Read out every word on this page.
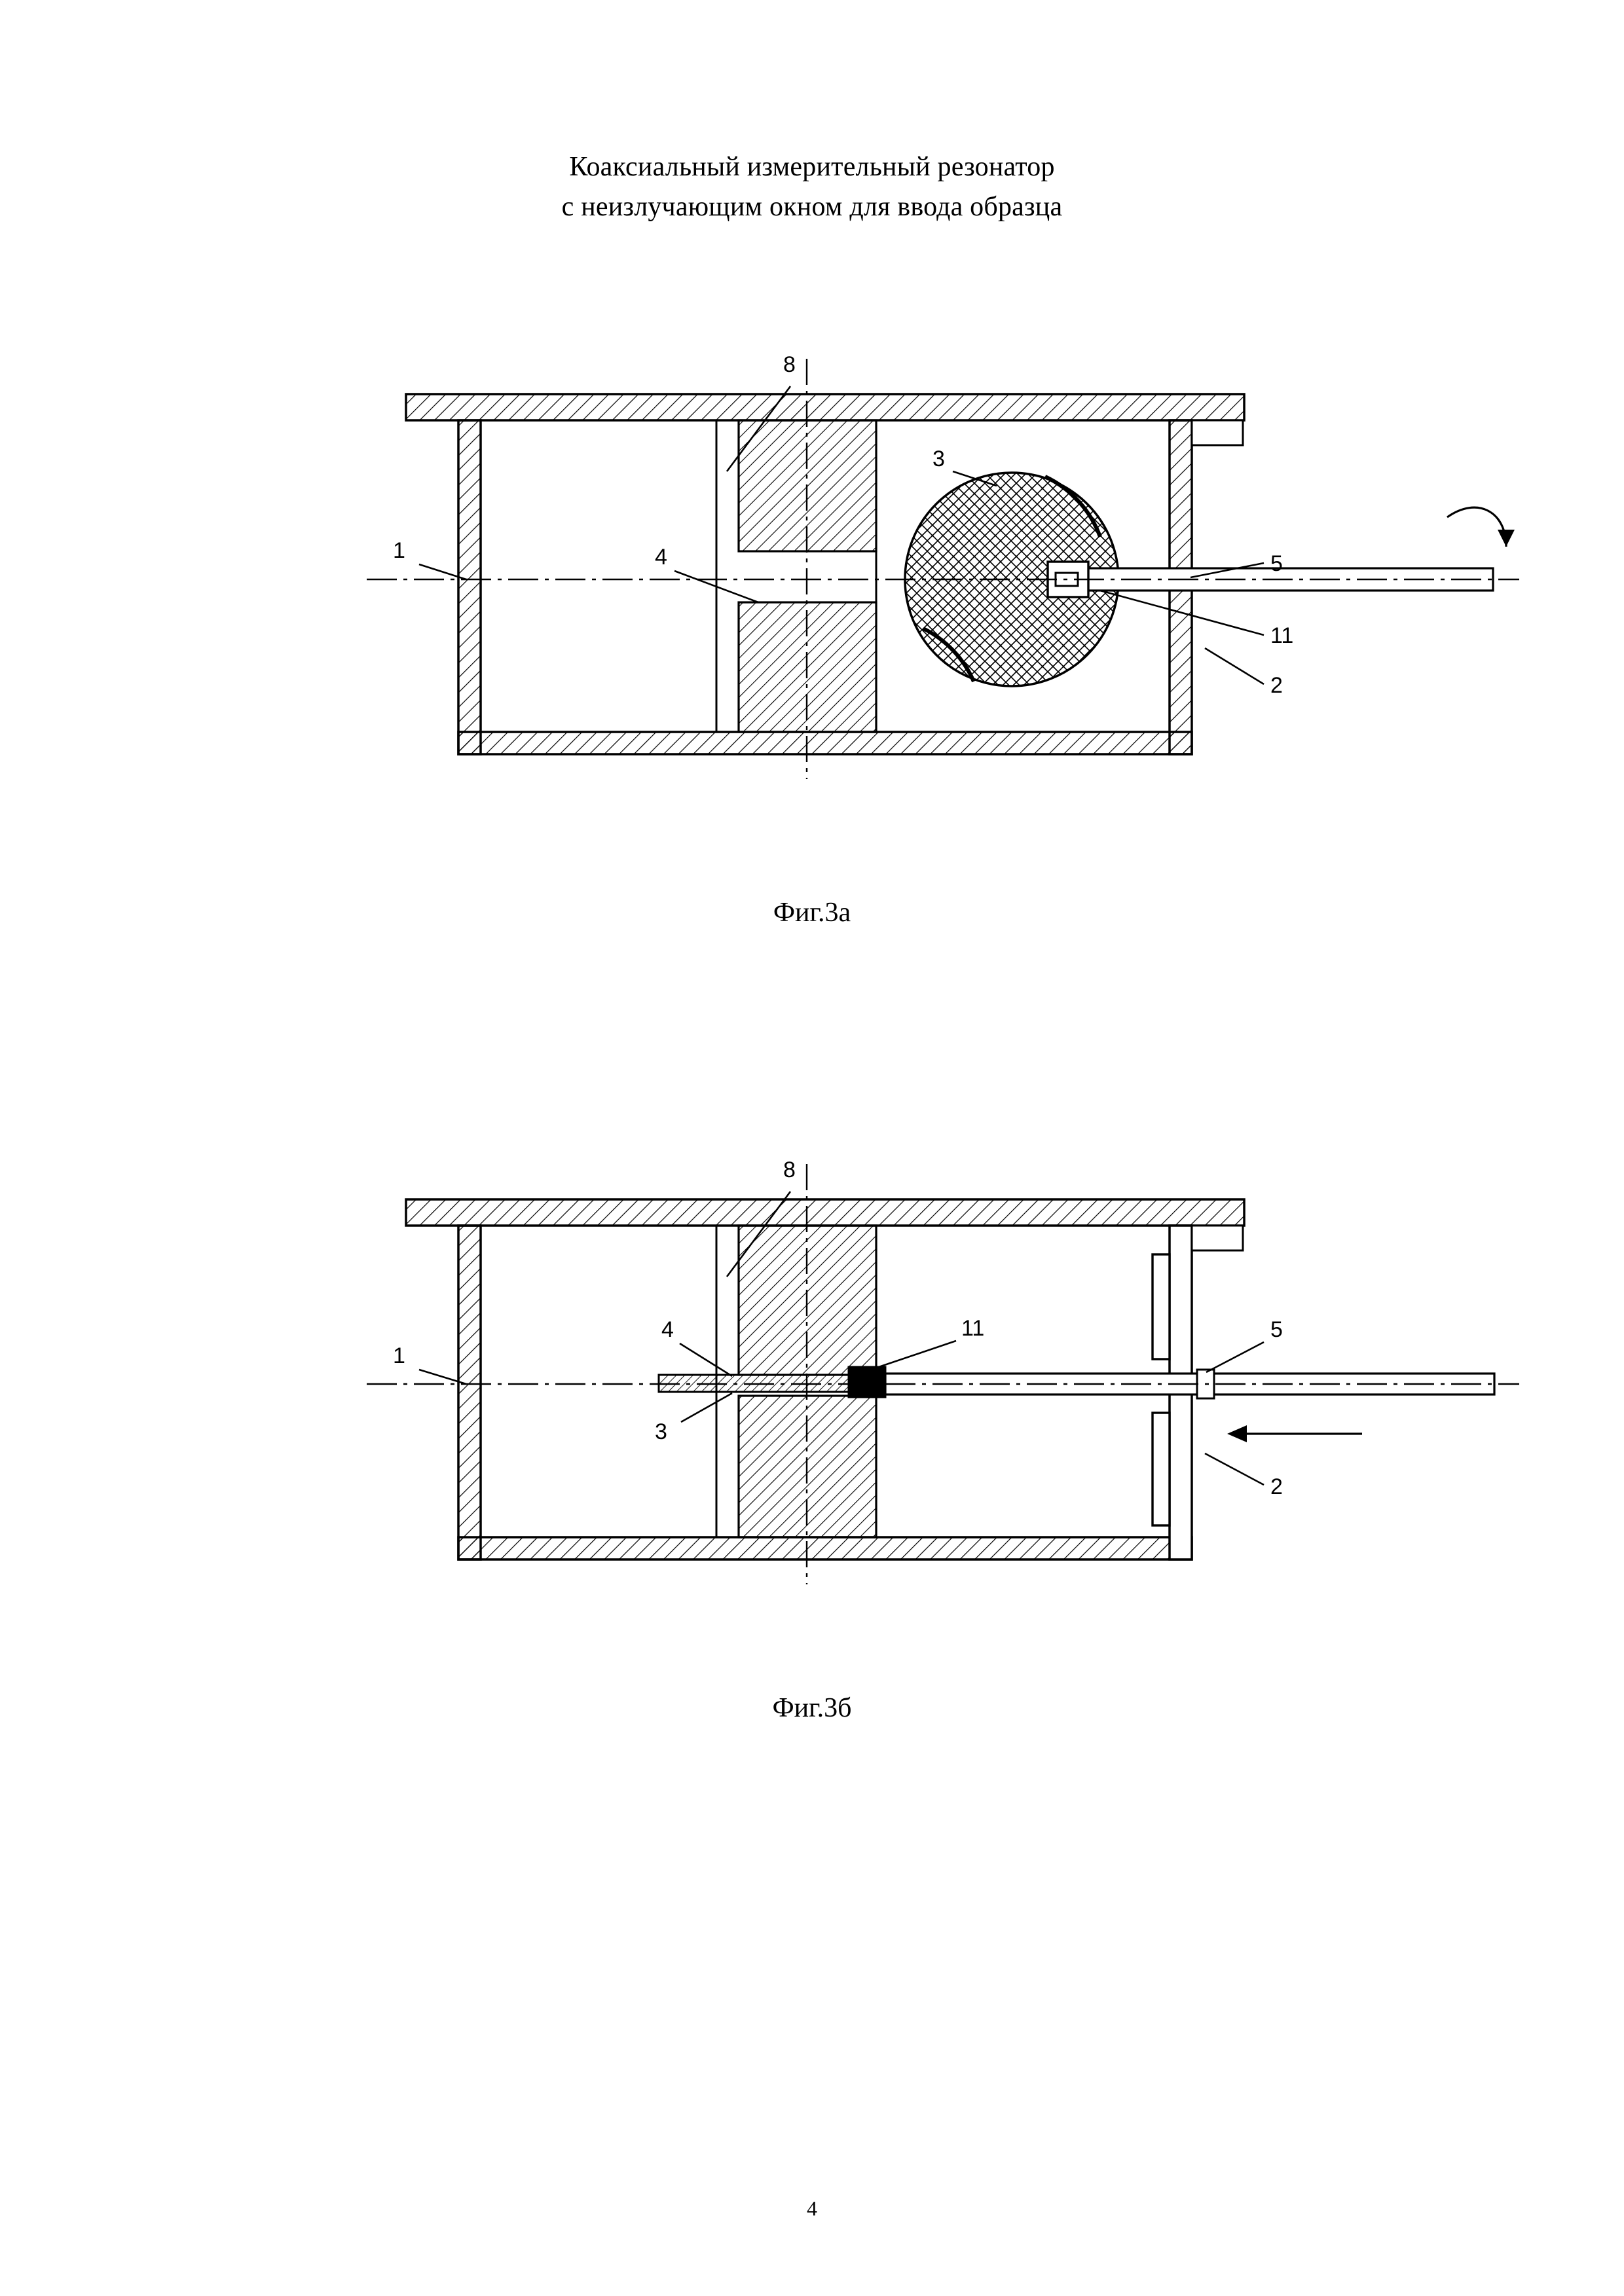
Коаксиальный измерительный резонатор
с неизлучающим окном для ввода образца
8
3
1	4	5
11
2
Фиг.3а
8
1
4	11	5
3
2
Фиг.3б
4
